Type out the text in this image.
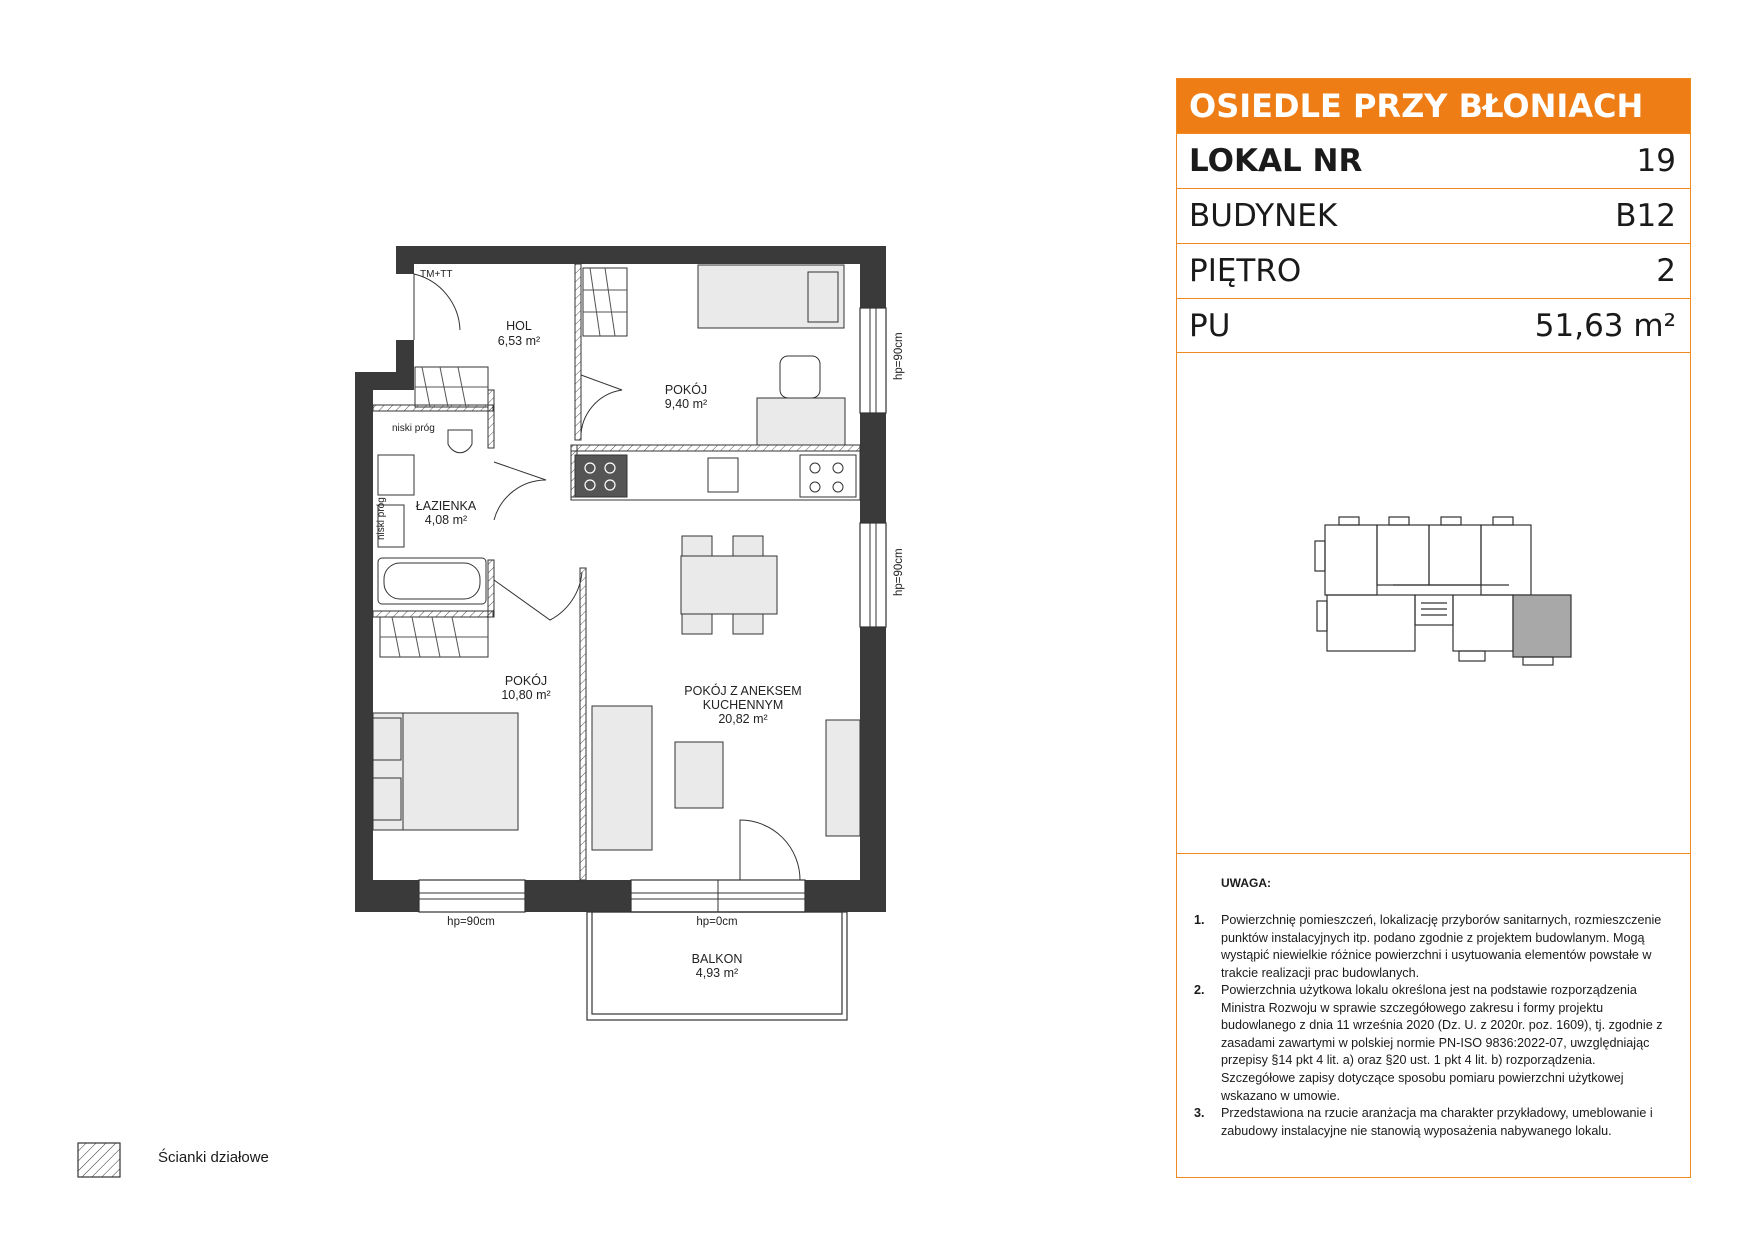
OSIEDLE PRZY BŁONIACH
LOKAL NR	19
BUDYNEK	B12
PIĘTRO	2
PU	51,63 m²
UWAGA:
1. Powierzchnię pomieszczeń, lokalizację przyborów sanitarnych, rozmieszczenie punktów instalacyjnych itp. podano zgodnie z projektem budowlanym. Mogą wystąpić niewielkie różnice powierzchni i usytuowania elementów powstałe w trakcie realizacji prac budowlanych.
2. Powierzchnia użytkowa lokalu określona jest na podstawie rozporządzenia Ministra Rozwoju w sprawie szczegółowego zakresu i formy projektu budowlanego z dnia 11 września 2020 (Dz. U. z 2020r. poz. 1609), tj. zgodnie z zasadami zawartymi w polskiej normie PN-ISO 9836:2022-07, uwzględniając przepisy §14 pkt 4 lit. a) oraz §20 ust. 1 pkt 4 lit. b) rozporządzenia. Szczegółowe zapisy dotyczące sposobu pomiaru powierzchni użytkowej wskazano w umowie.
3. Przedstawiona na rzucie aranżacja ma charakter przykładowy, umeblowanie i zabudowy instalacyjne nie stanowią wyposażenia nabywanego lokalu.
HOL
6,53 m²
POKÓJ
9,40 m²
ŁAZIENKA
4,08 m²
POKÓJ
10,80 m²	POKÓJ Z ANEKSEM
KUCHENNYM
20,82 m²
BALKON
4,93 m²
TM+TT
niski próg
niski próg
hp=90cm
hp=90cm
hp=90cm	hp=0cm
Ścianki działowe
